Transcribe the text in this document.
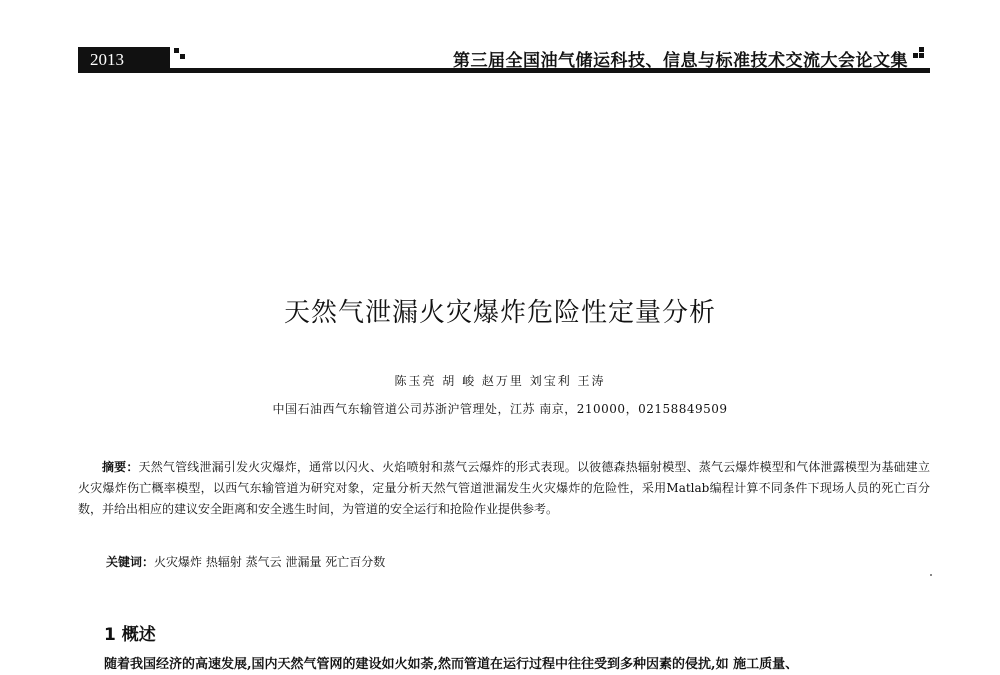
2013	第三届全国油气储运科技、信息与标准技术交流大会论文集
天然气泄漏火灾爆炸危险性定量分析
陈玉亮 胡 峻 赵万里 刘宝利 王涛
中国石油西气东输管道公司苏浙沪管理处，江苏 南京，210000，02158849509
摘要：天然气管线泄漏引发火灾爆炸，通常以闪火、火焰喷射和蒸气云爆炸的形式表现。以彼德森热辐射模型、蒸气云爆炸模型和气体泄露模型为基础建立火灾爆炸伤亡概率模型，以西气东输管道为研究对象，定量分析天然气管道泄漏发生火灾爆炸的危险性，采用Matlab编程计算不同条件下现场人员的死亡百分数，并给出相应的建议安全距离和安全逃生时间，为管道的安全运行和抢险作业提供参考。
关键词：火灾爆炸 热辐射 蒸气云 泄漏量 死亡百分数
1 概述
随着我国经济的高速发展,国内天然气管网的建设如火如荼,然而管道在运行过程中往往受到多种因素的侵扰,如 施工质量、
